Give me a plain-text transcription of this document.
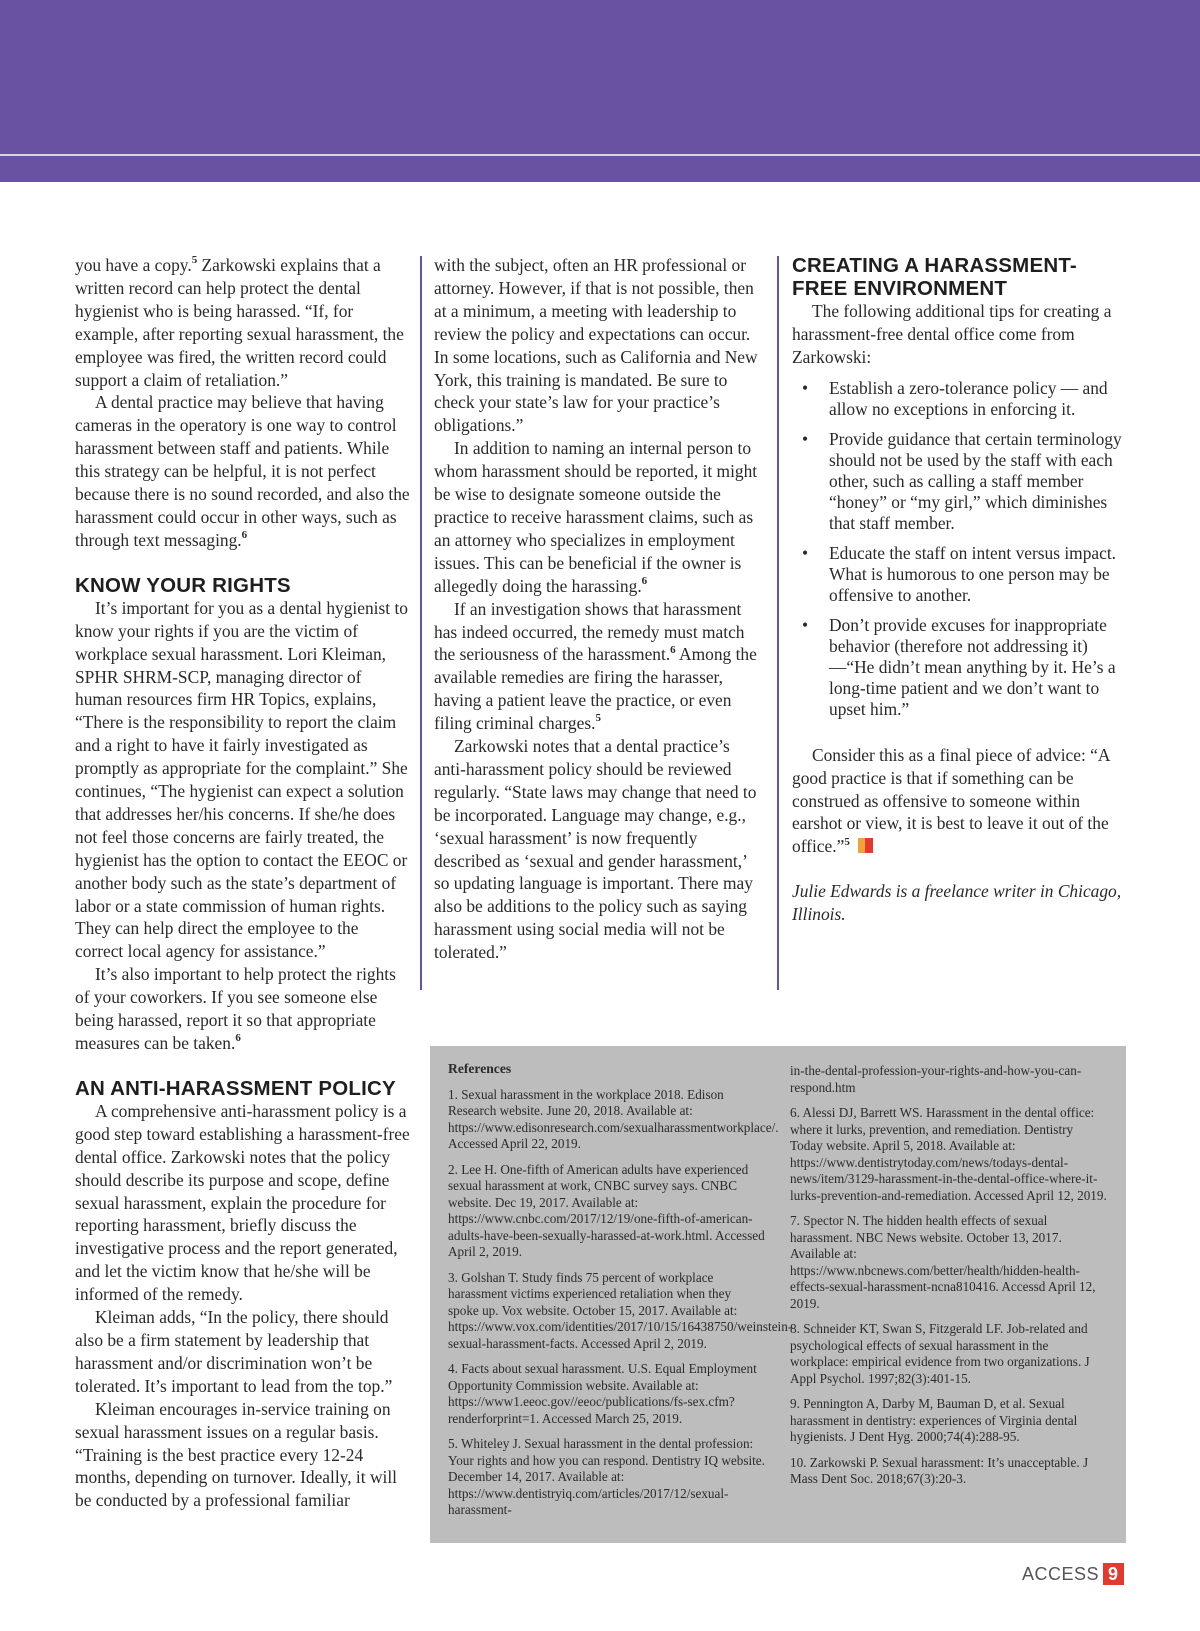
you have a copy.$^5$ Zarkowski explains that a written record can help protect the dental hygienist who is being harassed. “If, for example, after reporting sexual harassment, the employee was fired, the written record could support a claim of retaliation.”

A dental practice may believe that having cameras in the operatory is one way to control harassment between staff and patients. While this strategy can be helpful, it is not perfect because there is no sound recorded, and also the harassment could occur in other ways, such as through text messaging.$^6$

KNOW YOUR RIGHTS

It’s important for you as a dental hygienist to know your rights if you are the victim of workplace sexual harassment. Lori Kleiman, SPHR SHRM-SCP, managing director of human resources firm HR Topics, explains, “There is the responsibility to report the claim and a right to have it fairly investigated as promptly as appropriate for the complaint.” She continues, “The hygienist can expect a solution that addresses her/his concerns. If she/he does not feel those concerns are fairly treated, the hygienist has the option to contact the EEOC or another body such as the state’s department of labor or a state commission of human rights. They can help direct the employee to the correct local agency for assistance.”

It’s also important to help protect the rights of your coworkers. If you see someone else being harassed, report it so that appropriate measures can be taken.$^6$

AN ANTI-HARASSMENT POLICY

A comprehensive anti-harassment policy is a good step toward establishing a harassment-free dental office. Zarkowski notes that the policy should describe its purpose and scope, define sexual harassment, explain the procedure for reporting harassment, briefly discuss the investigative process and the report generated, and let the victim know that he/she will be informed of the remedy.

Kleiman adds, “In the policy, there should also be a firm statement by leadership that harassment and/or discrimination won’t be tolerated. It’s important to lead from the top.”

Kleiman encourages in-service training on sexual harassment issues on a regular basis. “Training is the best practice every 12-24 months, depending on turnover. Ideally, it will be conducted by a professional familiar

with the subject, often an HR professional or attorney. However, if that is not possible, then at a minimum, a meeting with leadership to review the policy and expectations can occur. In some locations, such as California and New York, this training is mandated. Be sure to check your state’s law for your practice’s obligations.”

In addition to naming an internal person to whom harassment should be reported, it might be wise to designate someone outside the practice to receive harassment claims, such as an attorney who specializes in employment issues. This can be beneficial if the owner is allegedly doing the harassing.$^6$

If an investigation shows that harassment has indeed occurred, the remedy must match the seriousness of the harassment.$^6$ Among the available remedies are firing the harasser, having a patient leave the practice, or even filing criminal charges.$^5$

Zarkowski notes that a dental practice’s anti-harassment policy should be reviewed regularly. “State laws may change that need to be incorporated. Language may change, e.g., ‘sexual harassment’ is now frequently described as ‘sexual and gender harassment,’ so updating language is important. There may also be additions to the policy such as saying harassment using social media will not be tolerated.”

CREATING A HARASSMENT-FREE ENVIRONMENT

The following additional tips for creating a harassment-free dental office come from Zarkowski:

• Establish a zero-tolerance policy — and allow no exceptions in enforcing it.
• Provide guidance that certain terminology should not be used by the staff with each other, such as calling a staff member “honey” or “my girl,” which diminishes that staff member.
• Educate the staff on intent versus impact. What is humorous to one person may be offensive to another.
• Don’t provide excuses for inappropriate behavior (therefore not addressing it) —“He didn’t mean anything by it. He’s a long-time patient and we don’t want to upset him.”

Consider this as a final piece of advice: “A good practice is that if something can be construed as offensive to someone within earshot or view, it is best to leave it out of the office.”$^5$

Julie Edwards is a freelance writer in Chicago, Illinois.

References

1. Sexual harassment in the workplace 2018. Edison Research website. June 20, 2018. Available at: https://www.edisonresearch.com/sexualharassmentworkplace/. Accessed April 22, 2019.

2. Lee H. One-fifth of American adults have experienced sexual harassment at work, CNBC survey says. CNBC website. Dec 19, 2017. Available at: https://www.cnbc.com/2017/12/19/one-fifth-of-american-adults-have-been-sexually-harassed-at-work.html. Accessed April 2, 2019.

3. Golshan T. Study finds 75 percent of workplace harassment victims experienced retaliation when they spoke up. Vox website. October 15, 2017. Available at: https://www.vox.com/identities/2017/10/15/16438750/weinstein-sexual-harassment-facts. Accessed April 2, 2019.

4. Facts about sexual harassment. U.S. Equal Employment Opportunity Commission website. Available at: https://www1.eeoc.gov//eeoc/publications/fs-sex.cfm?renderforprint=1. Accessed March 25, 2019.

5. Whiteley J. Sexual harassment in the dental profession: Your rights and how you can respond. Dentistry IQ website. December 14, 2017. Available at: https://www.dentistryiq.com/articles/2017/12/sexual-harassment-

in-the-dental-profession-your-rights-and-how-you-can-respond.htm

6. Alessi DJ, Barrett WS. Harassment in the dental office: where it lurks, prevention, and remediation. Dentistry Today website. April 5, 2018. Available at: https://www.dentistrytoday.com/news/todays-dental-news/item/3129-harassment-in-the-dental-office-where-it-lurks-prevention-and-remediation. Accessed April 12, 2019.

7. Spector N. The hidden health effects of sexual harassment. NBC News website. October 13, 2017. Available at: https://www.nbcnews.com/better/health/hidden-health-effects-sexual-harassment-ncna810416. Accessd April 12, 2019.

8. Schneider KT, Swan S, Fitzgerald LF. Job-related and psychological effects of sexual harassment in the workplace: empirical evidence from two organizations. J Appl Psychol. 1997;82(3):401-15.

9. Pennington A, Darby M, Bauman D, et al. Sexual harassment in dentistry: experiences of Virginia dental hygienists. J Dent Hyg. 2000;74(4):288-95.

10. Zarkowski P. Sexual harassment: It’s unacceptable. J Mass Dent Soc. 2018;67(3):20-3.

ACCESS 9
